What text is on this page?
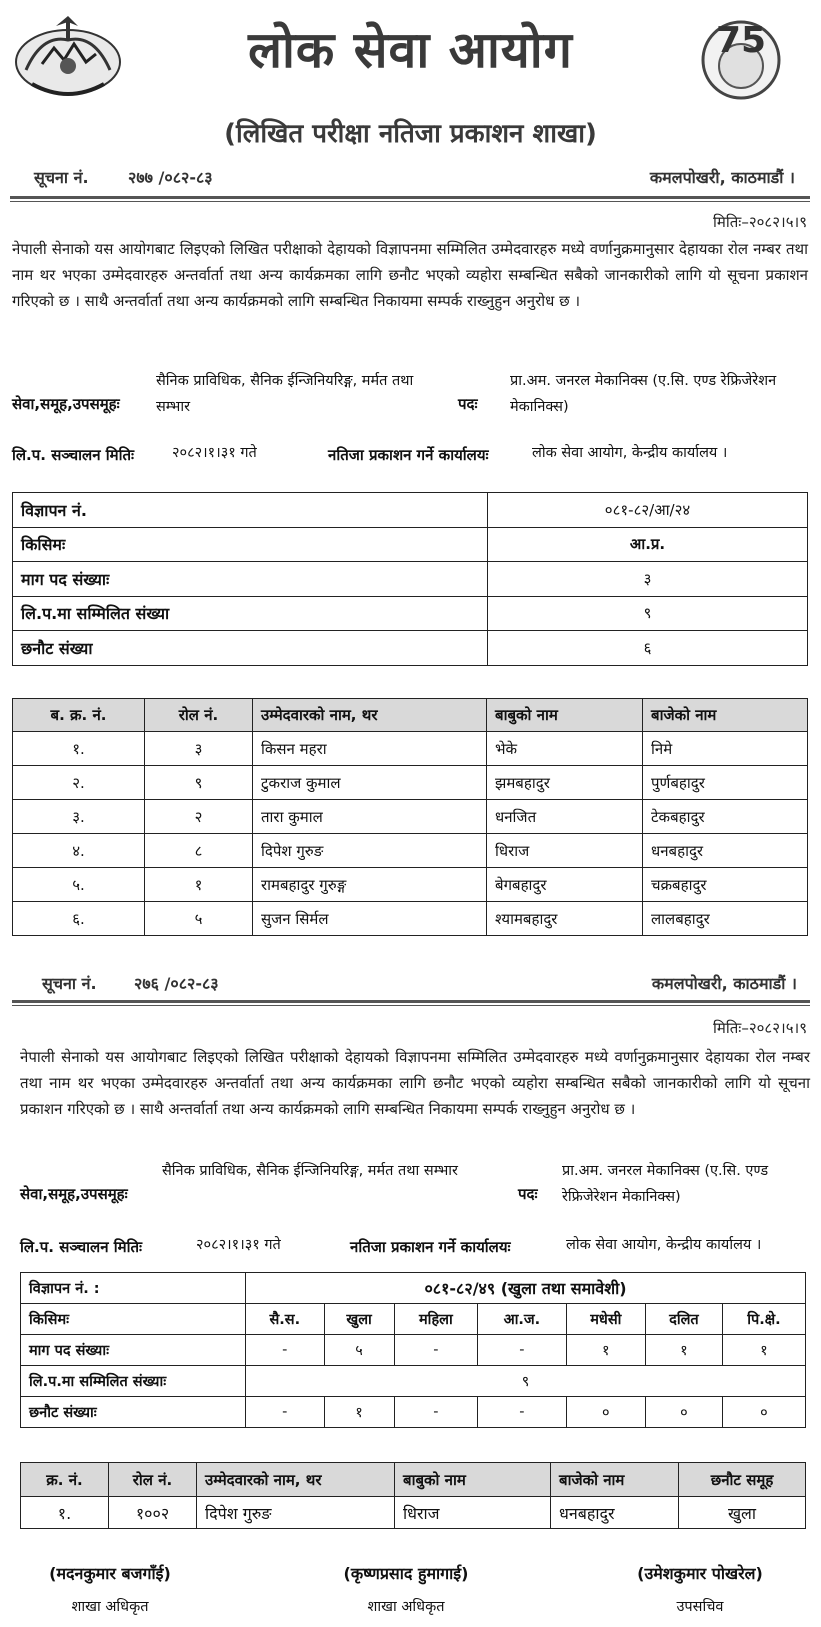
लोक सेवा आयोग	75
(लिखित परीक्षा नतिजा प्रकाशन शाखा)
सूचना नं. २७७ /०८२-८३	कमलपोखरी, काठमाडौं ।
मितिः–२०८२।५।९
नेपाली सेनाको यस आयोगबाट लिइएको लिखित परीक्षाको देहायको विज्ञापनमा सम्मिलित उम्मेदवारहरु मध्ये वर्णानुक्रमानुसार देहायका रोल नम्बर तथा नाम थर भएका उम्मेदवारहरु अन्तर्वार्ता तथा अन्य कार्यक्रमका लागि छनौट भएको व्यहोरा सम्बन्धित सबैको जानकारीको लागि यो सूचना प्रकाशन गरिएको छ । साथै अन्तर्वार्ता तथा अन्य कार्यक्रमको लागि सम्बन्धित निकायमा सम्पर्क राख्नुहुन अनुरोध छ ।
सेवा,समूह,उपसमूहः
सैनिक प्राविधिक, सैनिक ईन्जिनियरिङ्ग, मर्मत तथा सम्भार	पदः
प्रा.अम. जनरल मेकानिक्स (ए.सि. एण्ड रेफ्रिजेरेशन मेकानिक्स)
लि.प. सञ्चालन मितिः	२०८२।१।३१ गते	नतिजा प्रकाशन गर्ने कार्यालयः	लोक सेवा आयोग, केन्द्रीय कार्यालय ।
विज्ञापन नं.	०८१-८२/आ/२४
किसिमः	आ.प्र.
माग पद संख्याः	३
लि.प.मा सम्मिलित संख्या	९
छनौट संख्या	६
ब. क्र. नं.	रोल नं.	उम्मेदवारको नाम, थर	बाबुको नाम	बाजेको नाम
१.	३	किसन महरा	भेके	निमे
२.	९	टुकराज कुमाल	झमबहादुर	पुर्णबहादुर
३.	२	तारा कुमाल	धनजित	टेकबहादुर
४.	८	दिपेश गुरुङ	धिराज	धनबहादुर
५.	१	रामबहादुर गुरुङ्ग	बेगबहादुर	चक्रबहादुर
६.	५	सुजन सिर्मल	श्यामबहादुर	लालबहादुर
सूचना नं. २७६ /०८२-८३	कमलपोखरी, काठमाडौं ।
मितिः–२०८२।५।९
नेपाली सेनाको यस आयोगबाट लिइएको लिखित परीक्षाको देहायको विज्ञापनमा सम्मिलित उम्मेदवारहरु मध्ये वर्णानुक्रमानुसार देहायका रोल नम्बर तथा नाम थर भएका उम्मेदवारहरु अन्तर्वार्ता तथा अन्य कार्यक्रमका लागि छनौट भएको व्यहोरा सम्बन्धित सबैको जानकारीको लागि यो सूचना प्रकाशन गरिएको छ । साथै अन्तर्वार्ता तथा अन्य कार्यक्रमको लागि सम्बन्धित निकायमा सम्पर्क राख्नुहुन अनुरोध छ ।
सेवा,समूह,उपसमूहः
सैनिक प्राविधिक, सैनिक ईन्जिनियरिङ्ग, मर्मत तथा सम्भार
पदः
प्रा.अम. जनरल मेकानिक्स (ए.सि. एण्ड रेफ्रिजेरेशन मेकानिक्स)
लि.प. सञ्चालन मितिः	२०८२।१।३१ गते	नतिजा प्रकाशन गर्ने कार्यालयः	लोक सेवा आयोग, केन्द्रीय कार्यालय ।
विज्ञापन नं. :	०८१-८२/४९ (खुला तथा समावेशी)						
किसिमः	सै.स.	खुला	महिला	आ.ज.	मधेसी	दलित	पि.क्षे.
माग पद संख्याः	-	५	-	-	१	१	१
लि.प.मा सम्मिलित संख्याः	९						
छनौट संख्याः	-	१	-	-	०	०	०
क्र. नं.	रोल नं.	उम्मेदवारको नाम, थर	बाबुको नाम	बाजेको नाम	छनौट समूह
१.	१००२	दिपेश गुरुङ	धिराज	धनबहादुर	खुला
(मदनकुमार बजगाँई)
शाखा अधिकृत
(कृष्णप्रसाद हुमागाई)
शाखा अधिकृत
(उमेशकुमार पोखरेल)
उपसचिव
